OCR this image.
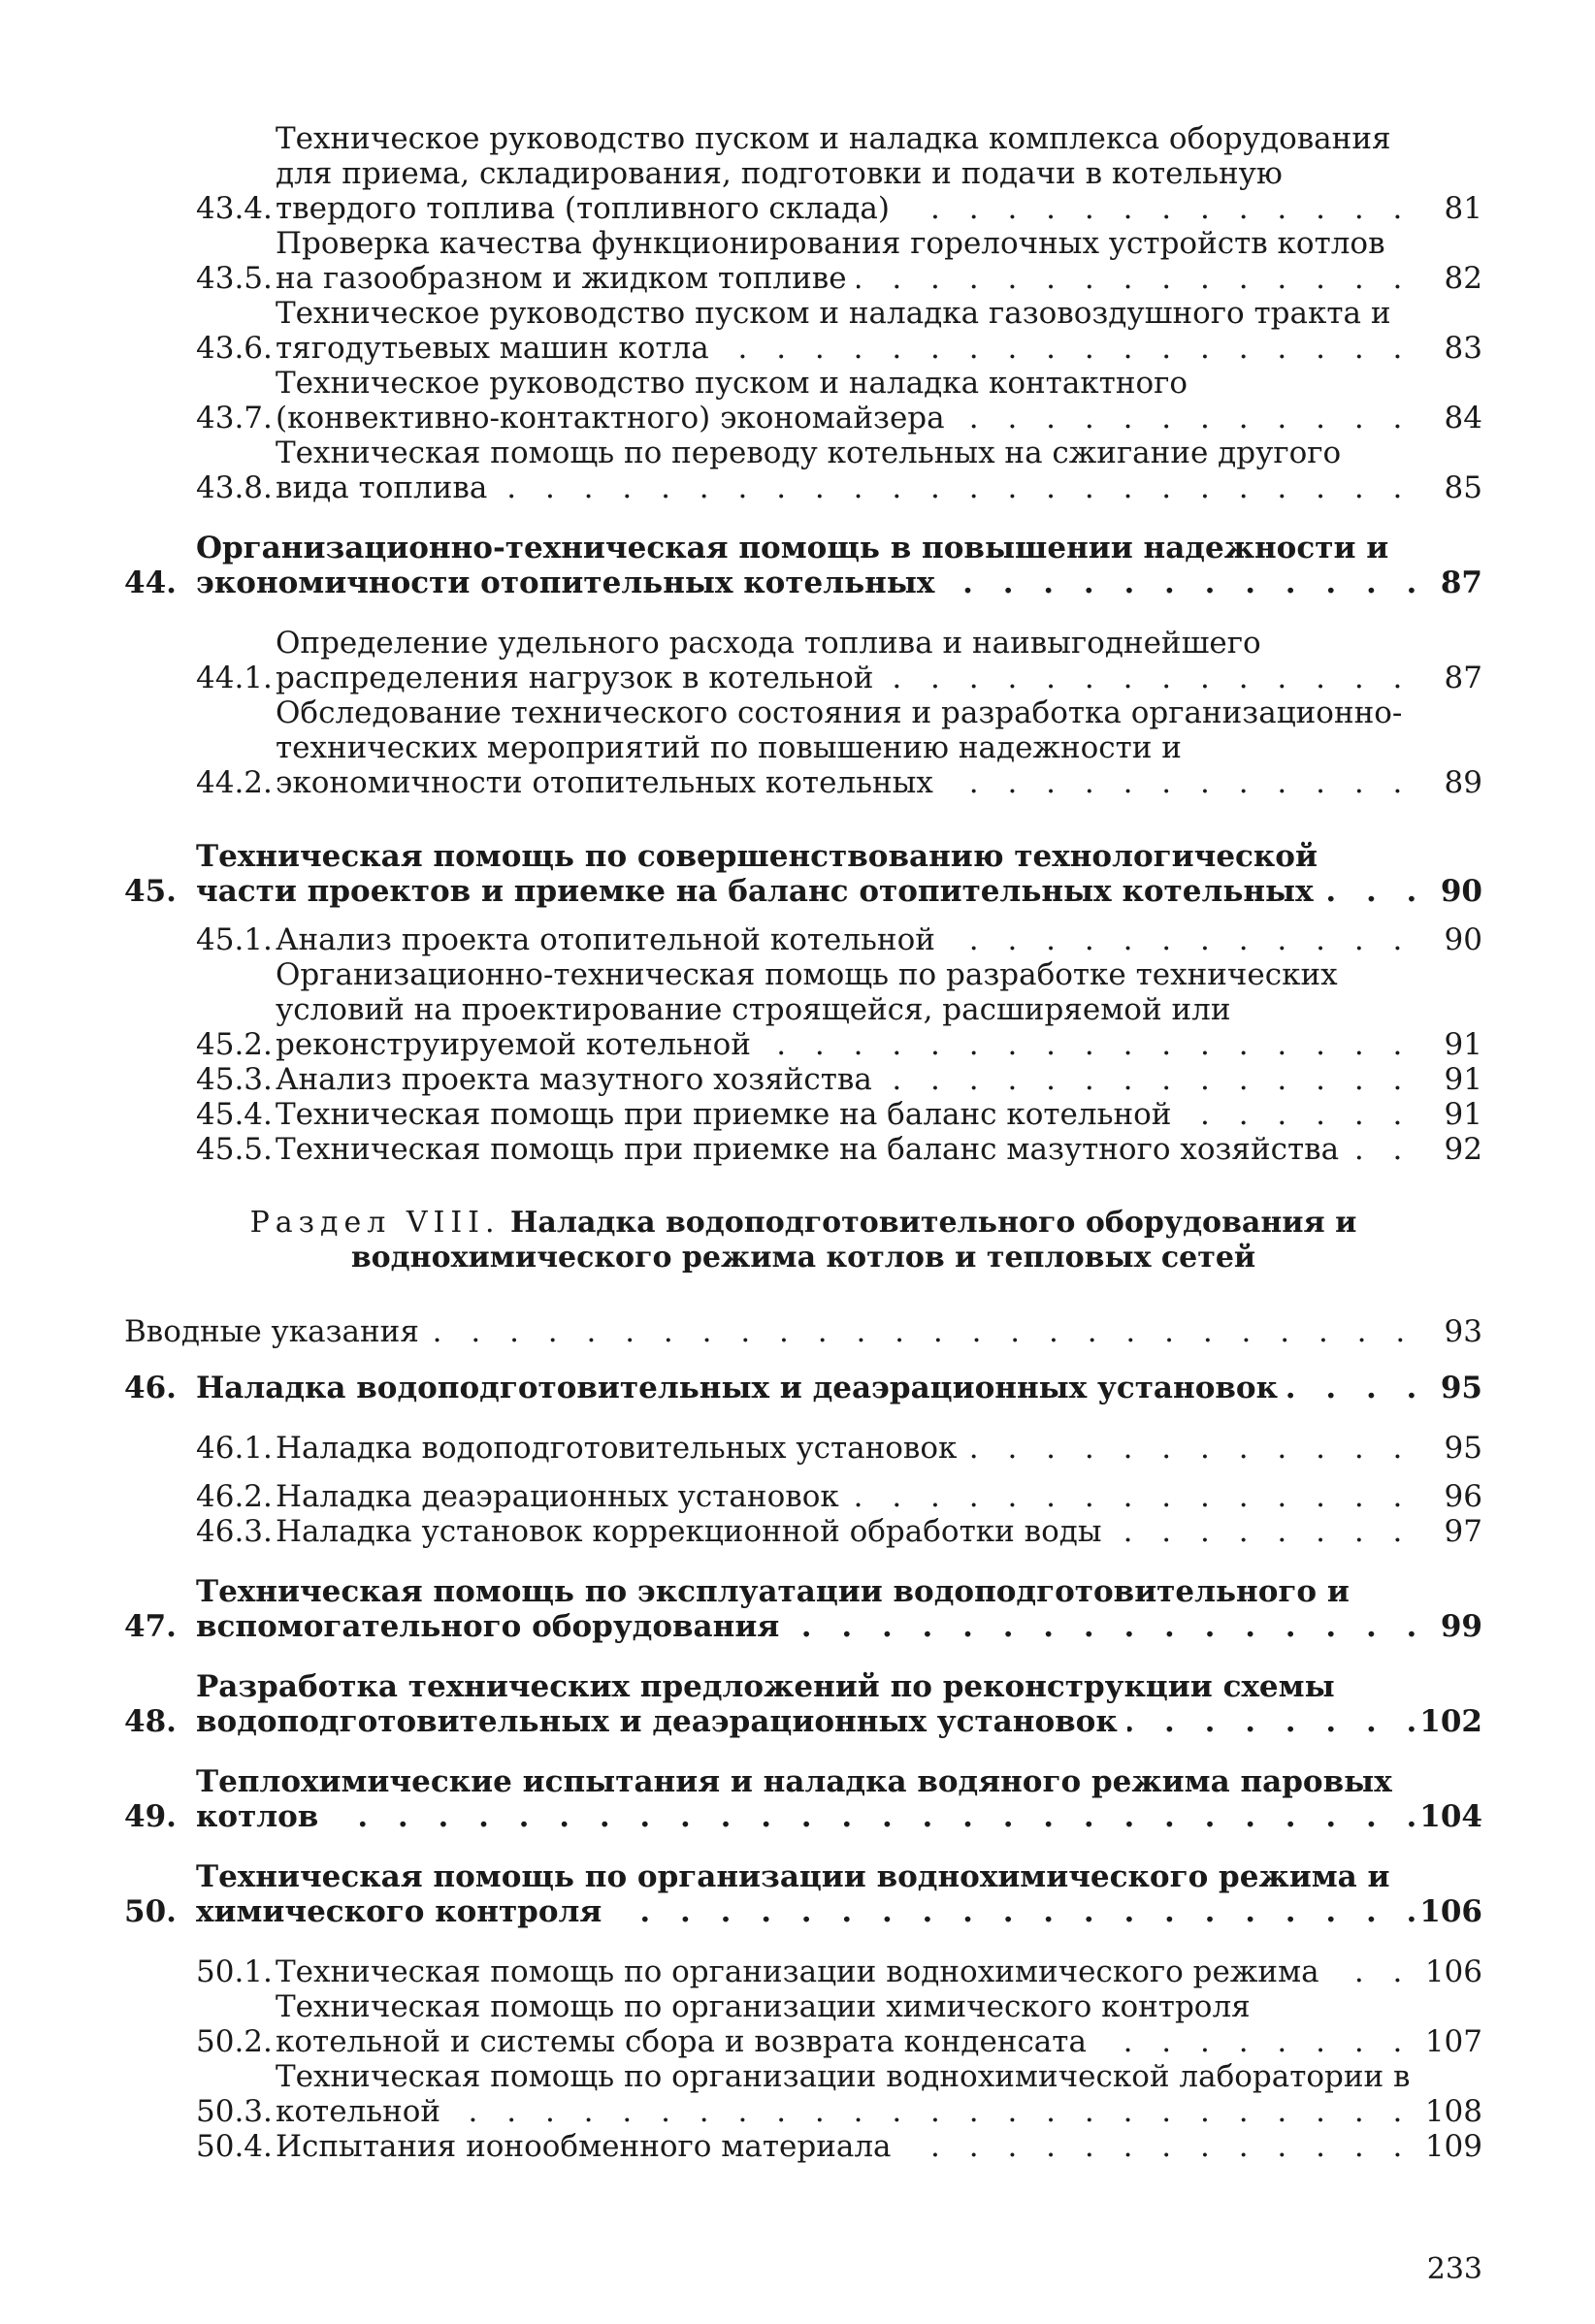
43.4.
Техническое руководство пуском и наладка комплекса оборудования для приема, складирования, подготовки и подачи в котельную твердого топлива (топливного склада) . . .	81
43.5.
Проверка качества функционирования горелочных устройств котлов на газообразном и жидком топливе . . .	82
43.6.
Техническое руководство пуском и наладка газовоздушного тракта и тягодутьевых машин котла . . .	83
43.7.
Техническое руководство пуском и наладка контактного (конвективно-контактного) экономайзера . . .	84
43.8.
Техническая помощь по переводу котельных на сжигание другого вида топлива . . .	85
44.
Организационно-техническая помощь в повышении надежности и экономичности отопительных котельных . . .	87
44.1.
Определение удельного расхода топлива и наивыгоднейшего распределения нагрузок в котельной . . .	87
44.2.
Обследование технического состояния и разработка организационно-технических мероприятий по повышению надежности и экономичности отопительных котельных . . .	89
45.
Техническая помощь по совершенствованию технологической части проектов и приемке на баланс отопительных котельных . . .	90
45.1. Анализ проекта отопительной котельной . . .	90
45.2.
Организационно-техническая помощь по разработке технических условий на проектирование строящейся, расширяемой или реконструируемой котельной . . .	91
45.3. Анализ проекта мазутного хозяйства . . .	91
45.4. Техническая помощь при приемке на баланс котельной . . .	91
45.5. Техническая помощь при приемке на баланс мазутного хозяйства . . .	92
Раздел VIII. Наладка водоподготовительного оборудования и воднохимического режима котлов и тепловых сетей
Вводные указания . . .	93
46. Наладка водоподготовительных и деаэрационных установок . . .	95
46.1. Наладка водоподготовительных установок . . .	95
46.2. Наладка деаэрационных установок . . .	96
46.3. Наладка установок коррекционной обработки воды . . .	97
47.
Техническая помощь по эксплуатации водоподготовительного и вспомогательного оборудования . . .	99
48.
Разработка технических предложений по реконструкции схемы водоподготовительных и деаэрационных установок . . .	102
49.
Теплохимические испытания и наладка водяного режима паровых котлов . . .	104
50.
Техническая помощь по организации воднохимического режима и химического контроля . . .	106
50.1. Техническая помощь по организации воднохимического режима . . .	106
50.2.
Техническая помощь по организации химического контроля котельной и системы сбора и возврата конденсата . . .	107
50.3.
Техническая помощь по организации воднохимической лаборатории в котельной . . .	108
50.4. Испытания ионообменного материала . . .	109
233
